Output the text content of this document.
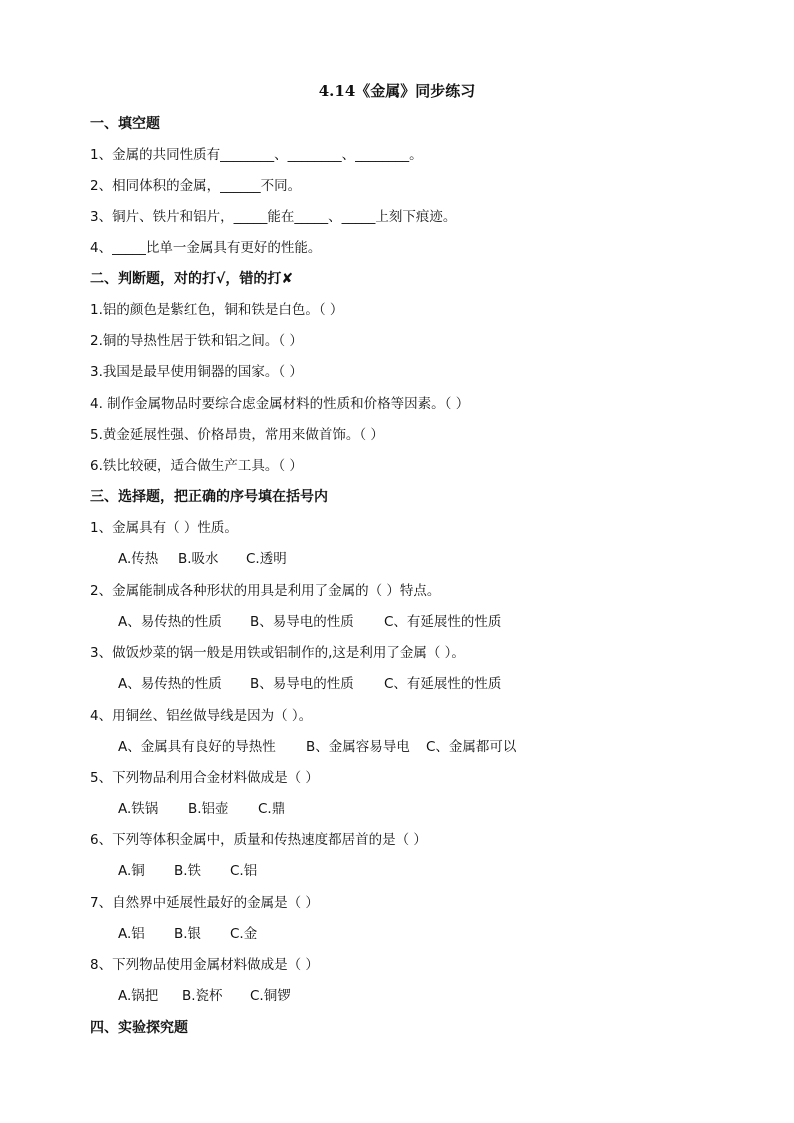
4.14《金属》同步练习
一、填空题
1、金属的共同性质有________、________、________。
2、相同体积的金属，______不同。
3、铜片、铁片和铝片，_____能在_____、_____上刻下痕迹。
4、_____比单一金属具有更好的性能。
二、判断题，对的打√，错的打✘
1.铝的颜色是紫红色，铜和铁是白色。（ ）
2.铜的导热性居于铁和铝之间。（ ）
3.我国是最早使用铜器的国家。（ ）
4. 制作金属物品时要综合虑金属材料的性质和价格等因素。（ ）
5.黄金延展性强、价格昂贵，常用来做首饰。（ ）
6.铁比较硬，适合做生产工具。（ ）
三、选择题，把正确的序号填在括号内
1、金属具有（ ）性质。
A.传热 B.吸水 C.透明
2、金属能制成各种形状的用具是利用了金属的（ ）特点。
A、易传热的性质 B、易导电的性质 C、有延展性的性质
3、做饭炒菜的锅一般是用铁或铝制作的,这是利用了金属（ ）。
A、易传热的性质 B、易导电的性质 C、有延展性的性质
4、用铜丝、铝丝做导线是因为（ ）。
A、金属具有良好的导热性 B、金属容易导电 C、金属都可以
5、下列物品利用合金材料做成是（ ）
A.铁锅 B.铝壶 C.鼎
6、下列等体积金属中，质量和传热速度都居首的是（ ）
A.铜 B.铁 C.铝
7、自然界中延展性最好的金属是（ ）
A.铝 B.银 C.金
8、下列物品使用金属材料做成是（ ）
A.锅把 B.瓷杯 C.铜锣
四、实验探究题
